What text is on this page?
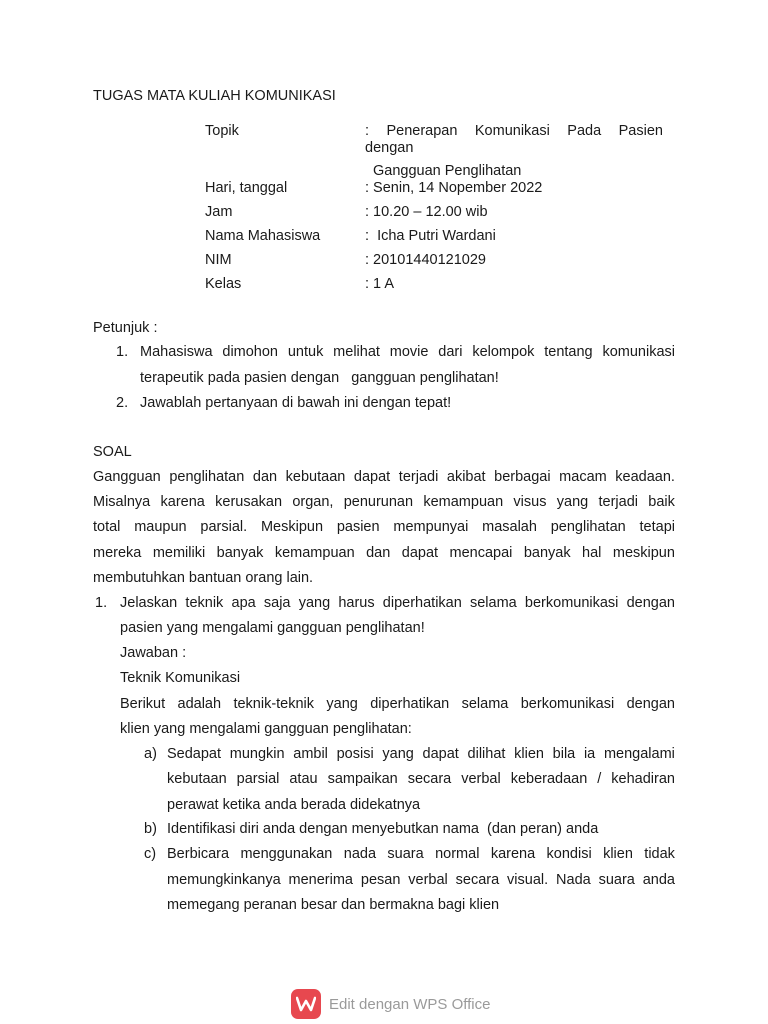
TUGAS MATA KULIAH KOMUNIKASI
Topik	: Penerapan Komunikasi Pada Pasien
dengan
Gangguan Penglihatan
Hari, tanggal	: Senin, 14 Nopember 2022
Jam	: 10.20 – 12.00 wib
Nama Mahasiswa	:  Icha Putri Wardani
NIM	: 20101440121029
Kelas	: 1 A
Petunjuk :
1. Mahasiswa dimohon untuk melihat movie dari kelompok tentang komunikasi
terapeutik pada pasien dengan   gangguan penglihatan!
2. Jawablah pertanyaan di bawah ini dengan tepat!
SOAL
Gangguan penglihatan dan kebutaan dapat terjadi akibat berbagai macam keadaan.
Misalnya karena kerusakan organ, penurunan kemampuan visus yang terjadi baik
total maupun parsial. Meskipun pasien mempunyai masalah penglihatan tetapi
mereka memiliki banyak kemampuan dan dapat mencapai banyak hal meskipun
membutuhkan bantuan orang lain.
1. Jelaskan teknik apa saja yang harus diperhatikan selama berkomunikasi dengan
pasien yang mengalami gangguan penglihatan!
Jawaban :
Teknik Komunikasi
Berikut adalah teknik-teknik yang diperhatikan selama berkomunikasi dengan
klien yang mengalami gangguan penglihatan:
a) Sedapat mungkin ambil posisi yang dapat dilihat klien bila ia mengalami
kebutaan parsial atau sampaikan secara verbal keberadaan / kehadiran
perawat ketika anda berada didekatnya
b) Identifikasi diri anda dengan menyebutkan nama  (dan peran) anda
c) Berbicara menggunakan nada suara normal karena kondisi klien tidak
memungkinkanya menerima pesan verbal secara visual. Nada suara anda
memegang peranan besar dan bermakna bagi klien
Edit dengan WPS Office
